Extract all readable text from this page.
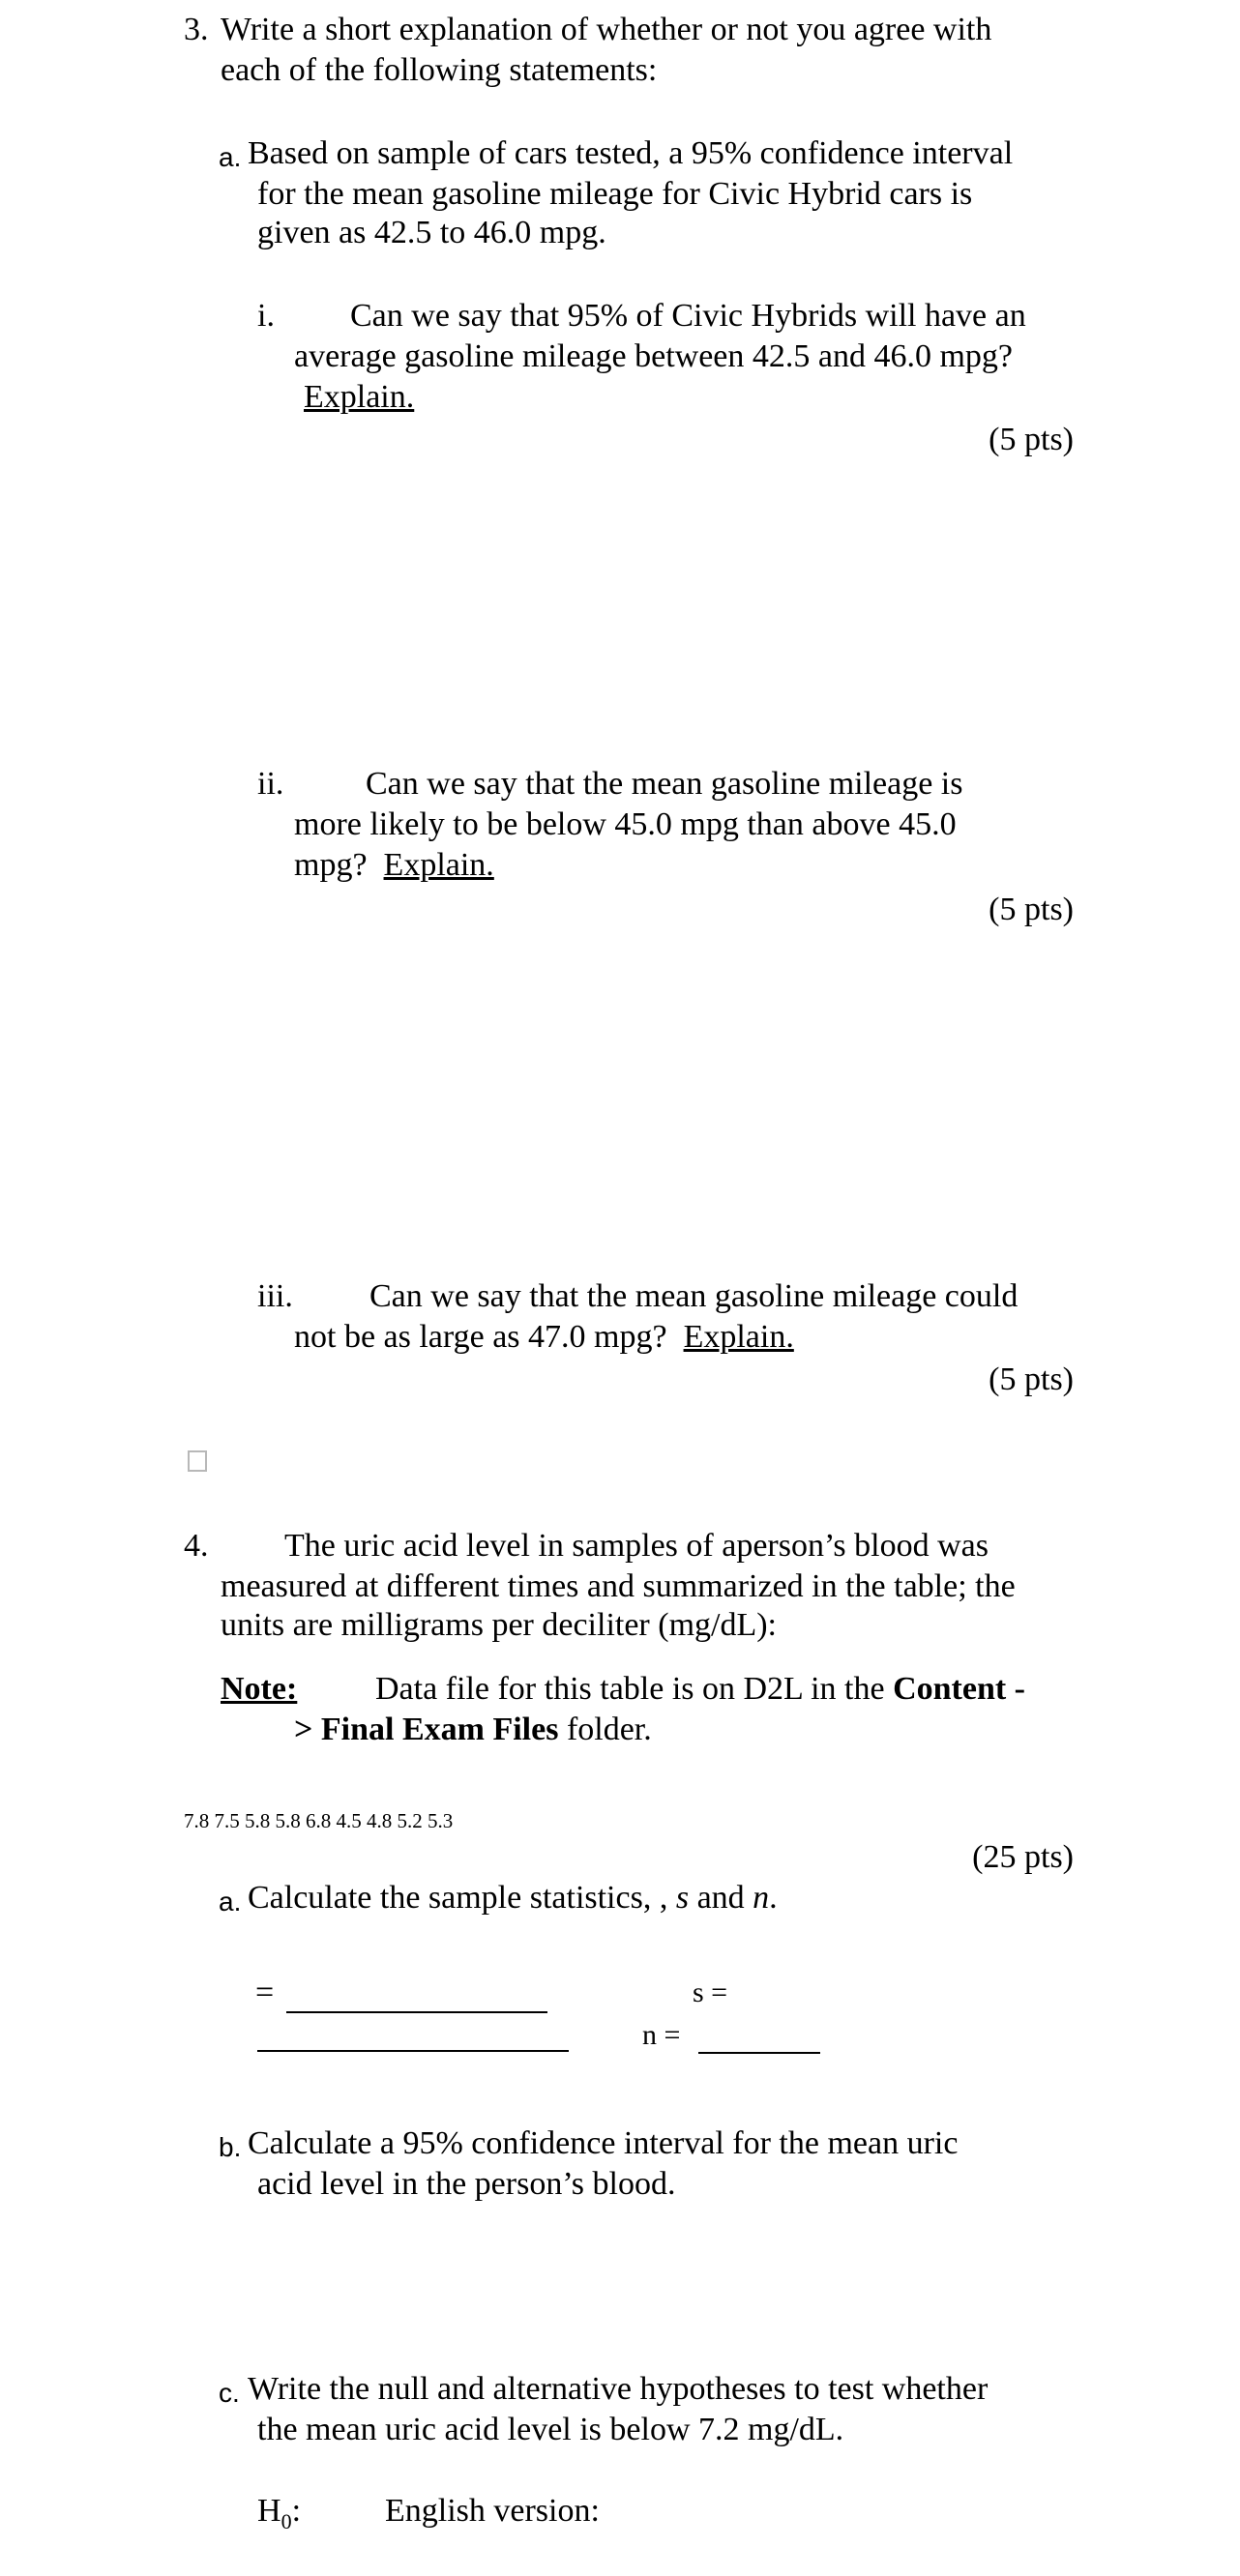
3. Write a short explanation of whether or not you agree with
each of the following statements:
a. Based on sample of cars tested, a 95% confidence interval
for the mean gasoline mileage for Civic Hybrid cars is
given as 42.5 to 46.0 mpg.
i. Can we say that 95% of Civic Hybrids will have an
average gasoline mileage between 42.5 and 46.0 mpg?
Explain.
(5 pts)
ii. Can we say that the mean gasoline mileage is
more likely to be below 45.0 mpg than above 45.0
mpg? Explain.
(5 pts)
iii. Can we say that the mean gasoline mileage could
not be as large as 47.0 mpg? Explain.
(5 pts)
4. The uric acid level in samples of aperson’s blood was
measured at different times and summarized in the table; the
units are milligrams per deciliter (mg/dL):
Note: Data file for this table is on D2L in the Content -
> Final Exam Files folder.
7.8 7.5 5.8 5.8 6.8 4.5 4.8 5.2 5.3
(25 pts)
a. Calculate the sample statistics, , s and n.
=	s =
n =
b. Calculate a 95% confidence interval for the mean uric
acid level in the person’s blood.
c. Write the null and alternative hypotheses to test whether
the mean uric acid level is below 7.2 mg/dL.
$H_0$:	English version:
